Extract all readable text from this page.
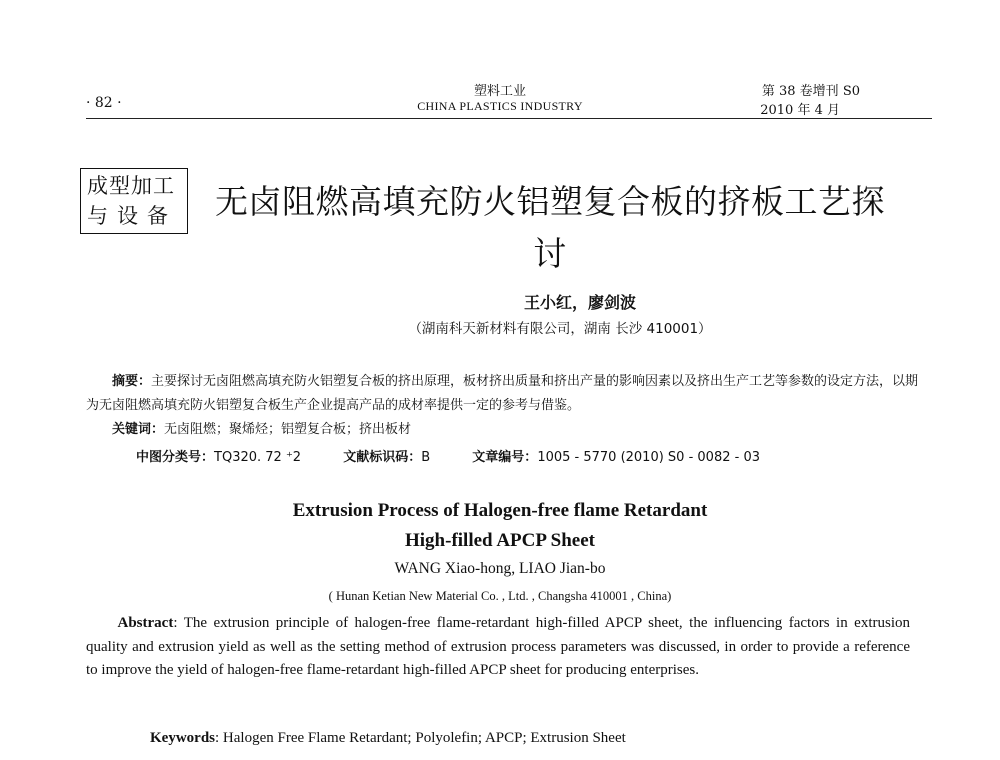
· 82 ·
塑料工业
CHINA PLASTICS INDUSTRY
第 38 卷增刊 S0
2010 年 4 月
成型加工
与设备	无卤阻燃高填充防火铝塑复合板的挤板工艺探讨
王小红，廖剑波
（湖南科天新材料有限公司，湖南 长沙 410001）

摘要：主要探讨无卤阻燃高填充防火铝塑复合板的挤出原理，板材挤出质量和挤出产量的影响因素以及挤出生产工艺等参数的设定方法，以期为无卤阻燃高填充防火铝塑复合板生产企业提高产品的成材率提供一定的参考与借鉴。

关键词：无卤阻燃；聚烯烃；铝塑复合板；挤出板材

中图分类号：TQ320. 72 ⁺2	文献标识码：B	文章编号：1005 - 5770 (2010) S0 - 0082 - 03
Extrusion Process of Halogen-free flame Retardant
High-filled APCP Sheet
WANG Xiao-hong, LIAO Jian-bo
( Hunan Ketian New Material Co. , Ltd. , Changsha 410001 , China)

Abstract: The extrusion principle of halogen-free flame-retardant high-filled APCP sheet, the influencing factors in extrusion quality and extrusion yield as well as the setting method of extrusion process parameters was discussed, in order to provide a reference to improve the yield of halogen-free flame-retardant high-filled APCP sheet for producing enterprises.

Keywords: Halogen Free Flame Retardant; Polyolefin; APCP; Extrusion Sheet
